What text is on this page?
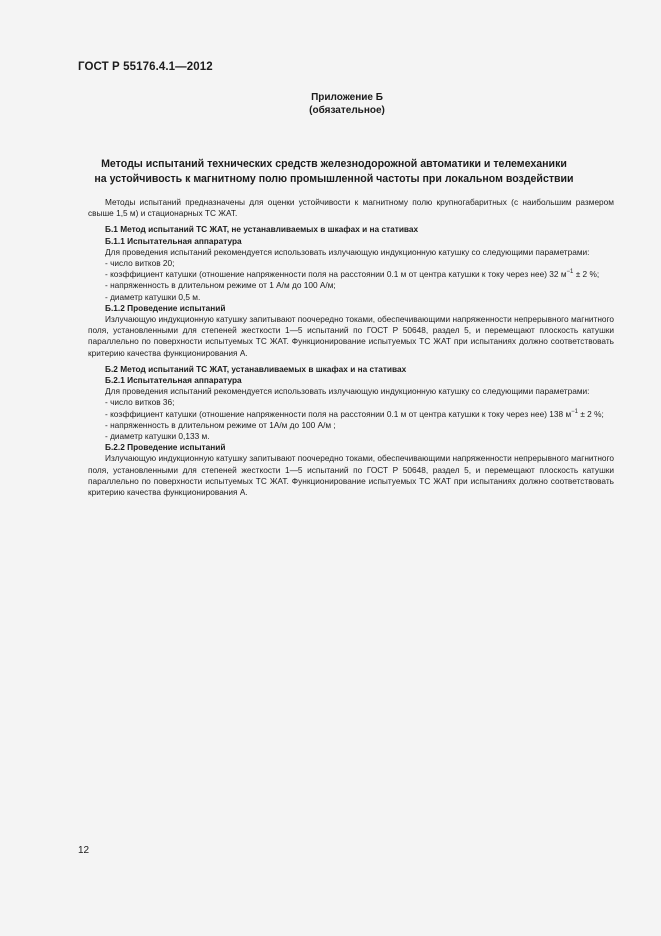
ГОСТ Р 55176.4.1—2012
Приложение Б
(обязательное)
Методы испытаний технических средств железнодорожной автоматики и телемеханики
на устойчивость к магнитному полю промышленной частоты при локальном воздействии

Методы испытаний предназначены для оценки устойчивости к магнитному полю крупногабаритных (с наибольшим размером свыше 1,5 м) и стационарных ТС ЖАТ.

Б.1 Метод испытаний ТС ЖАТ, не устанавливаемых в шкафах и на стативах

Б.1.1 Испытательная аппаратура

Для проведения испытаний рекомендуется использовать излучающую индукционную катушку со следующими параметрами:

- число витков 20;

- коэффициент катушки (отношение напряженности поля на расстоянии 0.1 м от центра катушки к току через нее) 32 $м^{-1} \pm 2$ %;

- напряженность в длительном режиме от 1 А/м до 100 А/м;

- диаметр катушки 0,5 м.

Б.1.2 Проведение испытаний

Излучающую индукционную катушку запитывают поочередно токами, обеспечивающими напряженности непрерывного магнитного поля, установленными для степеней жесткости 1—5 испытаний по ГОСТ Р 50648, раздел 5, и перемещают плоскость катушки параллельно по поверхности испытуемых ТС ЖАТ. Функционирование испытуемых ТС ЖАТ при испытаниях должно соответствовать критерию качества функционирования А.

Б.2 Метод испытаний ТС ЖАТ, устанавливаемых в шкафах и на стативах

Б.2.1 Испытательная аппаратура

Для проведения испытаний рекомендуется использовать излучающую индукционную катушку со следующими параметрами:

- число витков 36;

- коэффициент катушки (отношение напряженности поля на расстоянии 0.1 м от центра катушки к току через нее) 138 $м^{-1} \pm 2$ %;

- напряженность в длительном режиме от 1А/м до 100 А/м ;

- диаметр катушки 0,133 м.

Б.2.2 Проведение испытаний

Излучающую индукционную катушку запитывают поочередно токами, обеспечивающими напряженности непрерывного магнитного поля, установленными для степеней жесткости 1—5 испытаний по ГОСТ Р 50648, раздел 5, и перемещают плоскость катушки параллельно по поверхности испытуемых ТС ЖАТ. Функционирование испытуемых ТС ЖАТ при испытаниях должно соответствовать критерию качества функционирования А.

12
